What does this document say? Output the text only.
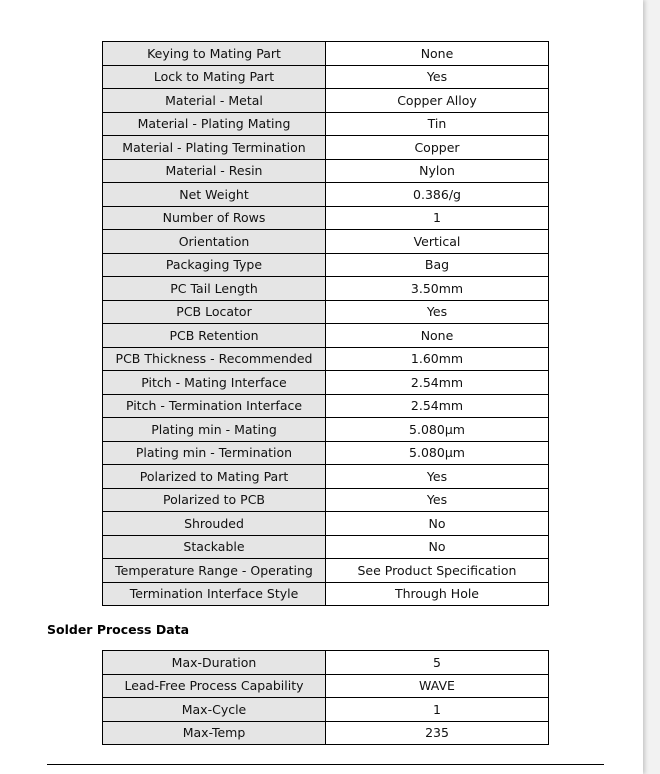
Keying to Mating Part	None
Lock to Mating Part	Yes
Material - Metal	Copper Alloy
Material - Plating Mating	Tin
Material - Plating Termination	Copper
Material - Resin	Nylon
Net Weight	0.386/g
Number of Rows	1
Orientation	Vertical
Packaging Type	Bag
PC Tail Length	3.50mm
PCB Locator	Yes
PCB Retention	None
PCB Thickness - Recommended	1.60mm
Pitch - Mating Interface	2.54mm
Pitch - Termination Interface	2.54mm
Plating min - Mating	5.080µm
Plating min - Termination	5.080µm
Polarized to Mating Part	Yes
Polarized to PCB	Yes
Shrouded	No
Stackable	No
Temperature Range - Operating	See Product Specification
Termination Interface Style	Through Hole
Solder Process Data
Max-Duration	5
Lead-Free Process Capability	WAVE
Max-Cycle	1
Max-Temp	235
